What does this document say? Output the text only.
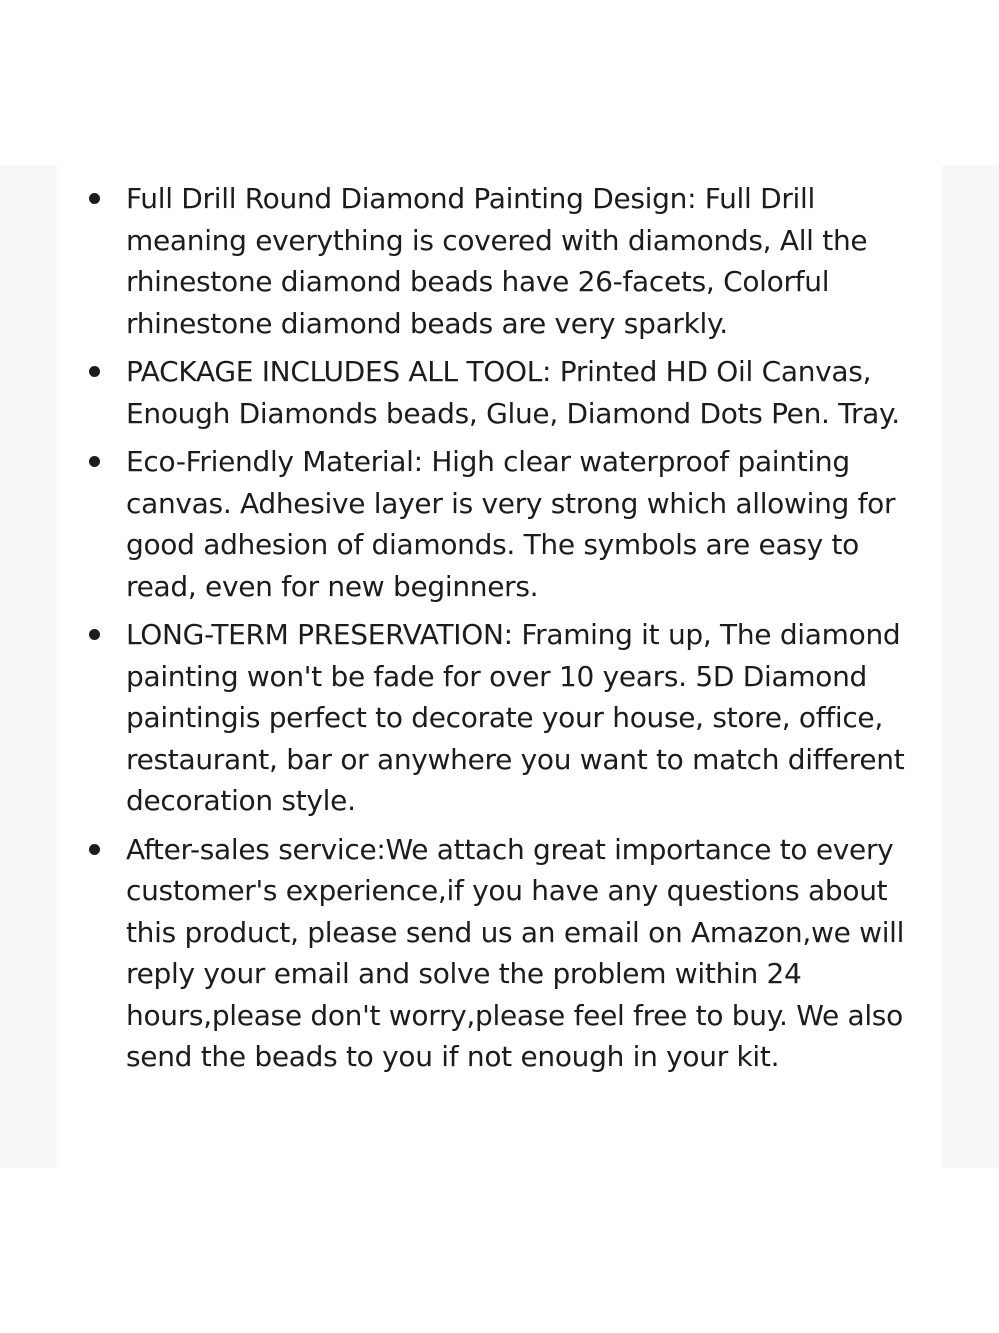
Full Drill Round Diamond Painting Design: Full Drill meaning everything is covered with diamonds, All the rhinestone diamond beads have 26-facets, Colorful rhinestone diamond beads are very sparkly.
PACKAGE INCLUDES ALL TOOL: Printed HD Oil Canvas, Enough Diamonds beads, Glue, Diamond Dots Pen. Tray.
Eco-Friendly Material: High clear waterproof painting canvas. Adhesive layer is very strong which allowing for good adhesion of diamonds. The symbols are easy to read, even for new beginners.
LONG-TERM PRESERVATION: Framing it up, The diamond painting won't be fade for over 10 years. 5D Diamond paintingis perfect to decorate your house, store, office, restaurant, bar or anywhere you want to match different decoration style.
After-sales service:We attach great importance to every customer's experience,if you have any questions about this product, please send us an email on Amazon,we will reply your email and solve the problem within 24 hours,please don't worry,please feel free to buy. We also send the beads to you if not enough in your kit.
